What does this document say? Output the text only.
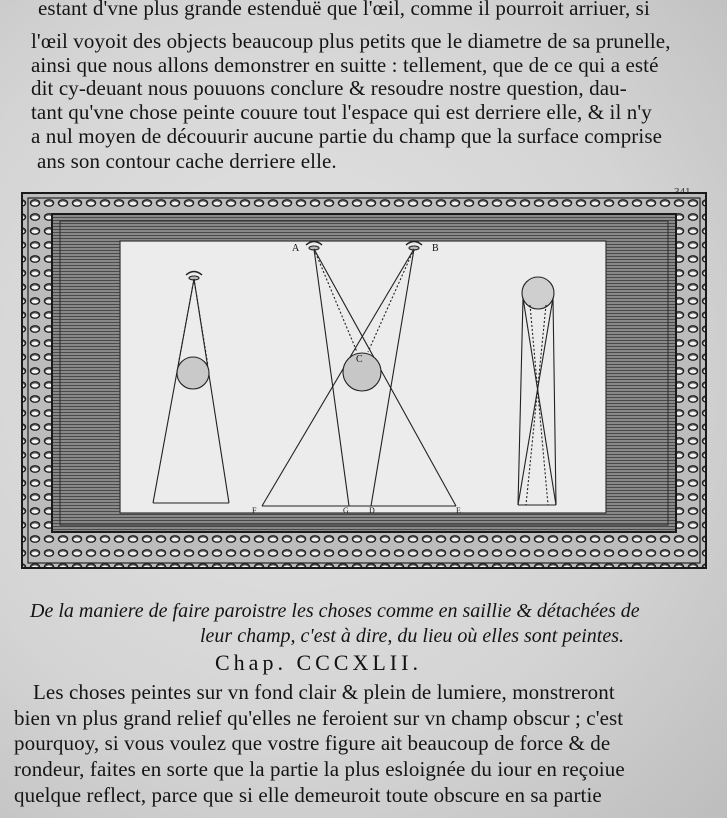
estant d'vne plus grande estenduë que l'œil, comme il pourroit arriuer, si
l'œil voyoit des objects beaucoup plus petits que le diametre de sa prunelle,
ainsi que nous allons demonstrer en suitte : tellement, que de ce qui a esté
dit cy-deuant nous pouuons conclure & resoudre nostre question, dau-
tant qu'vne chose peinte couure tout l'espace qui est derriere elle, & il n'y
a nul moyen de découurir aucune partie du champ que la surface comprise
ans son contour cache derriere elle.
A	B
C
F	G	D	E
De la maniere de faire paroistre les choses comme en saillie & détachées de
leur champ, c'est à dire, du lieu où elles sont peintes.
Chap. CCCXLII.
Les choses peintes sur vn fond clair & plein de lumiere, monstreront
bien vn plus grand relief qu'elles ne feroient sur vn champ obscur ; c'est
pourquoy, si vous voulez que vostre figure ait beaucoup de force & de
rondeur, faites en sorte que la partie la plus esloignée du iour en reçoiue
quelque reflect, parce que si elle demeuroit toute obscure en sa partie
